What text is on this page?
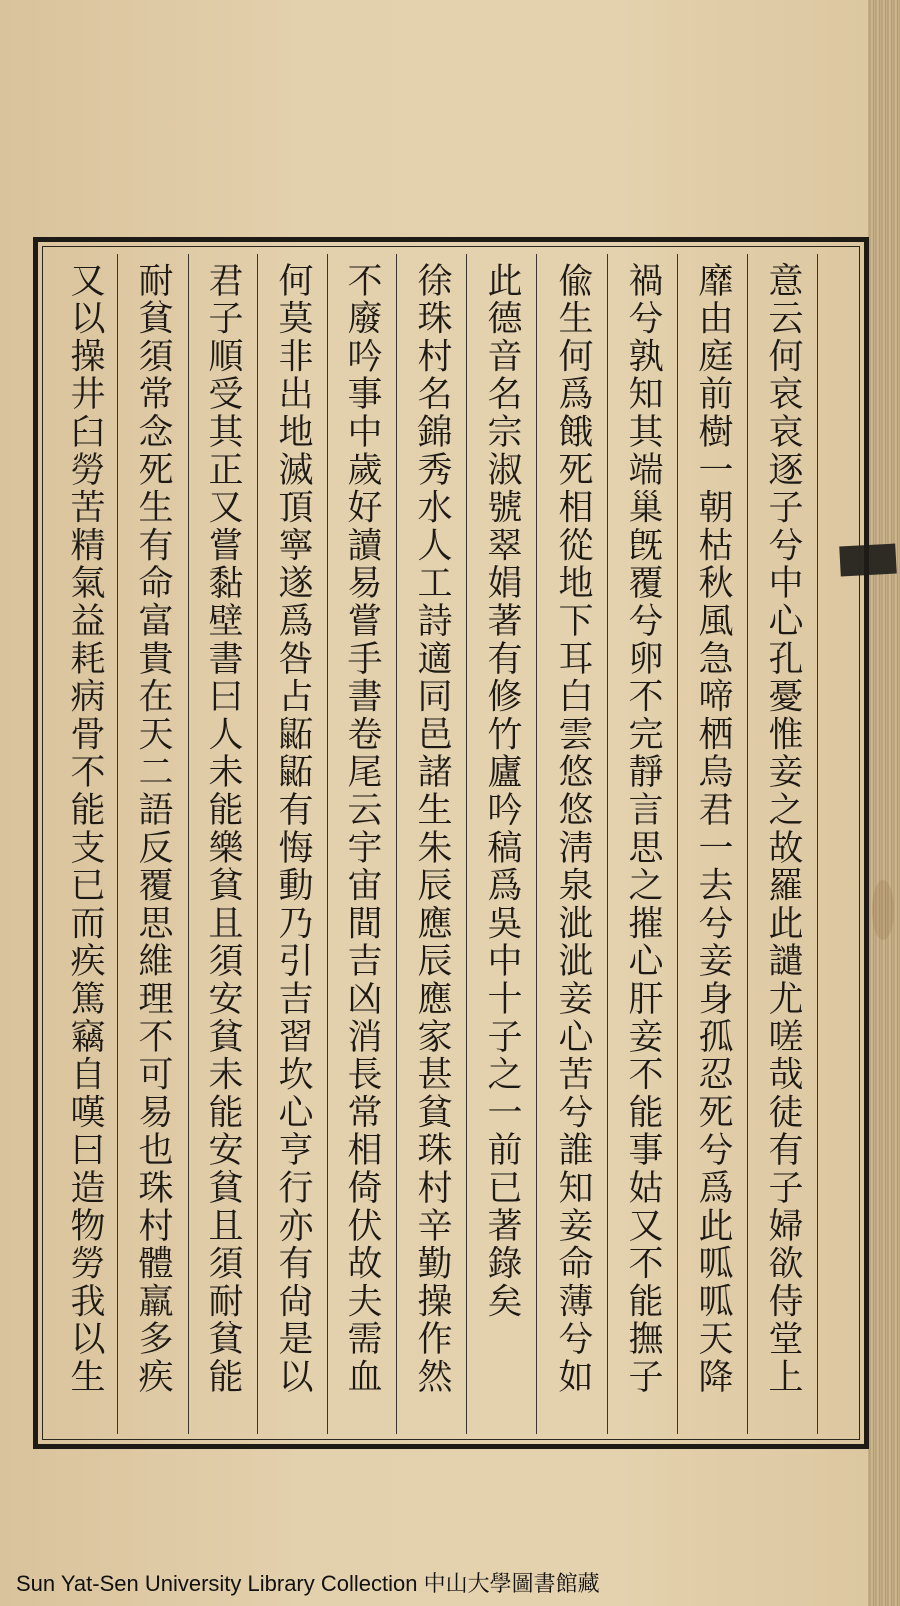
意云何哀哀逐子兮中心孔憂惟妾之故羅此譴尤嗟哉徒有子婦欲侍堂上
靡由庭前樹一朝枯秋風急啼栖烏君一去兮妾身孤忍死兮爲此呱呱天降
禍兮孰知其端巢旣覆兮卵不完靜言思之摧心肝妾不能事姑又不能撫子
偸生何爲餓死相從地下耳白雲悠悠淸泉泚泚妾心苦兮誰知妾命薄兮如
此德音名宗淑號翠娟著有修竹廬吟稿爲吳中十子之一前已著錄矣
徐珠村名錦秀水人工詩適同邑諸生朱辰應辰應家甚貧珠村辛勤操作然
不廢吟事中歲好讀易嘗手書卷尾云宇宙間吉凶消長常相倚伏故夫需血
何莫非出地滅頂寧遂爲咎占鼫鼫有悔動乃引吉習坎心亨行亦有尙是以
君子順受其正又嘗黏壁書曰人未能樂貧且須安貧未能安貧且須耐貧能
耐貧須常念死生有命富貴在天二語反覆思維理不可易也珠村體羸多疾
又以操井臼勞苦精氣益耗病骨不能支已而疾篤竊自嘆曰造物勞我以生
Sun Yat-Sen University Library Collection 中山大學圖書館藏
